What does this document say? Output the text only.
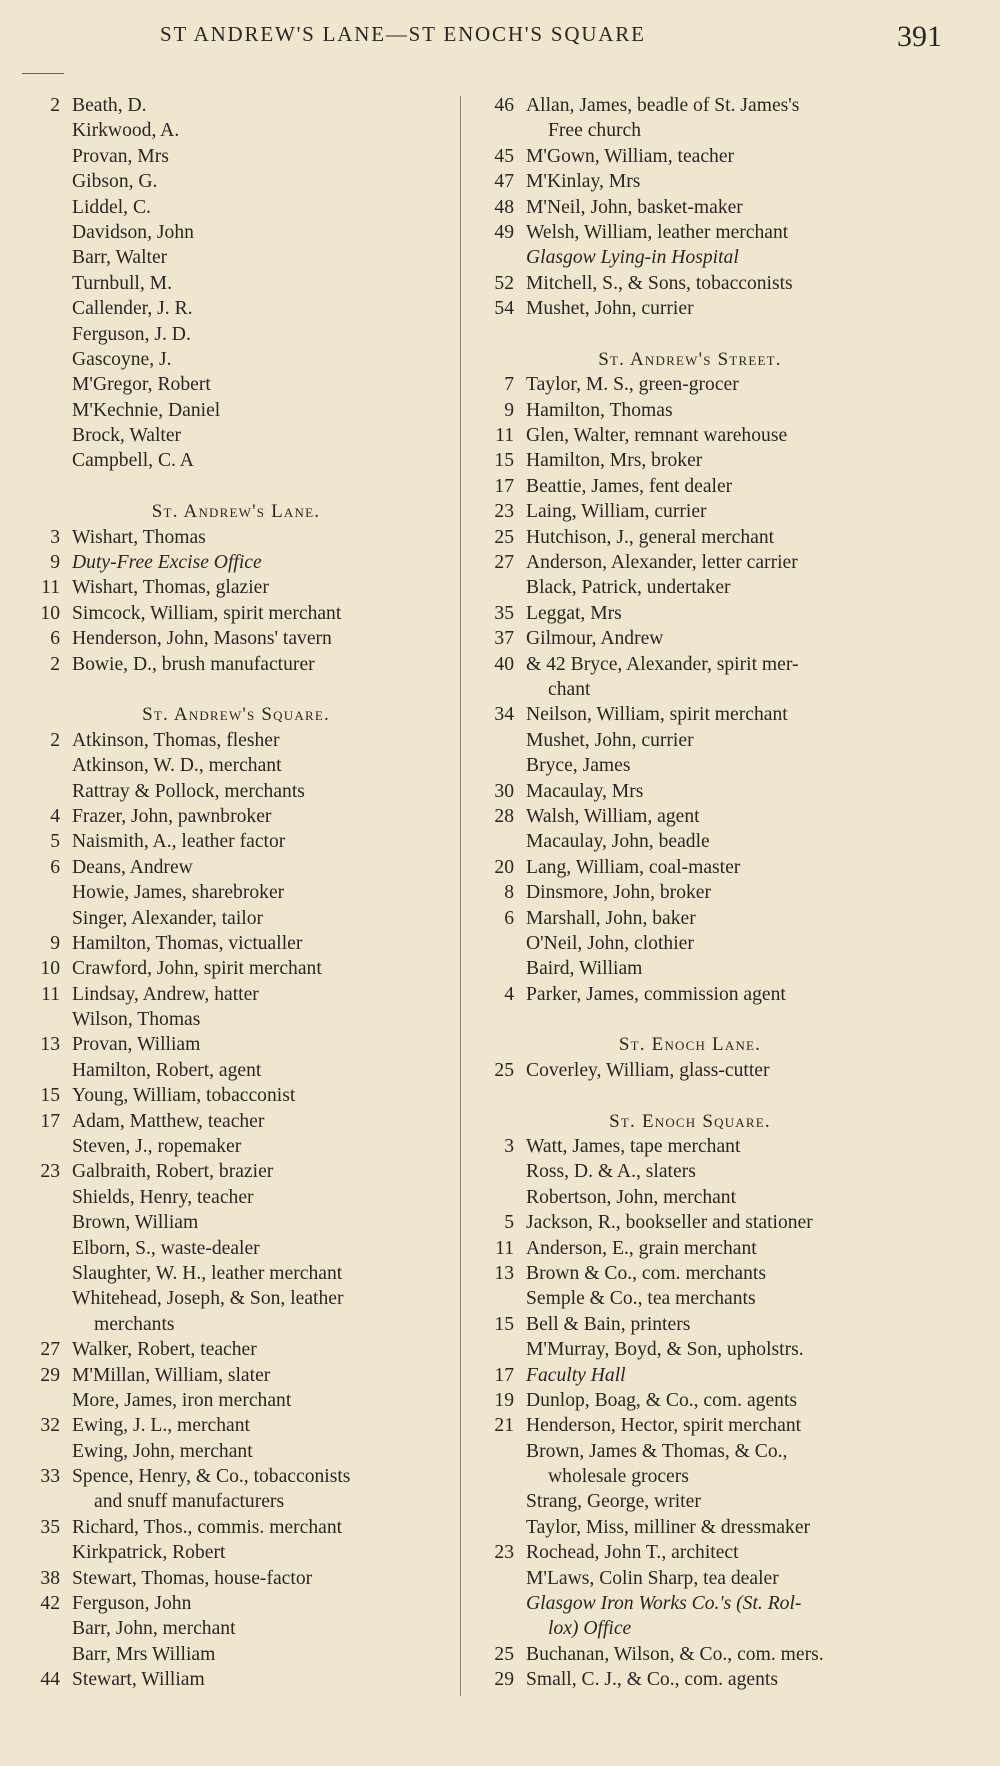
ST ANDREW'S LANE—ST ENOCH'S SQUARE	391
2 Beath, D.
Kirkwood, A.
Provan, Mrs
Gibson, G.
Liddel, C.
Davidson, John
Barr, Walter
Turnbull, M.
Callender, J. R.
Ferguson, J. D.
Gascoyne, J.
M'Gregor, Robert
M'Kechnie, Daniel
Brock, Walter
Campbell, C. A
St. Andrew's Lane.
3 Wishart, Thomas
9 Duty-Free Excise Office
11 Wishart, Thomas, glazier
10 Simcock, William, spirit merchant
6 Henderson, John, Masons' tavern
2 Bowie, D., brush manufacturer
St. Andrew's Square.
2 Atkinson, Thomas, flesher
Atkinson, W. D., merchant
Rattray & Pollock, merchants
4 Frazer, John, pawnbroker
5 Naismith, A., leather factor
6 Deans, Andrew
Howie, James, sharebroker
Singer, Alexander, tailor
9 Hamilton, Thomas, victualler
10 Crawford, John, spirit merchant
11 Lindsay, Andrew, hatter
Wilson, Thomas
13 Provan, William
Hamilton, Robert, agent
15 Young, William, tobacconist
17 Adam, Matthew, teacher
Steven, J., ropemaker
23 Galbraith, Robert, brazier
Shields, Henry, teacher
Brown, William
Elborn, S., waste-dealer
Slaughter, W. H., leather merchant
Whitehead, Joseph, & Son, leather
merchants
27 Walker, Robert, teacher
29 M'Millan, William, slater
More, James, iron merchant
32 Ewing, J. L., merchant
Ewing, John, merchant
33 Spence, Henry, & Co., tobacconists
and snuff manufacturers
35 Richard, Thos., commis. merchant
Kirkpatrick, Robert
38 Stewart, Thomas, house-factor
42 Ferguson, John
Barr, John, merchant
Barr, Mrs William
44 Stewart, William
46 Allan, James, beadle of St. James's
Free church
45 M'Gown, William, teacher
47 M'Kinlay, Mrs
48 M'Neil, John, basket-maker
49 Welsh, William, leather merchant
Glasgow Lying-in Hospital
52 Mitchell, S., & Sons, tobacconists
54 Mushet, John, currier
St. Andrew's Street.
7 Taylor, M. S., green-grocer
9 Hamilton, Thomas
11 Glen, Walter, remnant warehouse
15 Hamilton, Mrs, broker
17 Beattie, James, fent dealer
23 Laing, William, currier
25 Hutchison, J., general merchant
27 Anderson, Alexander, letter carrier
Black, Patrick, undertaker
35 Leggat, Mrs
37 Gilmour, Andrew
40 & 42 Bryce, Alexander, spirit mer-
chant
34 Neilson, William, spirit merchant
Mushet, John, currier
Bryce, James
30 Macaulay, Mrs
28 Walsh, William, agent
Macaulay, John, beadle
20 Lang, William, coal-master
8 Dinsmore, John, broker
6 Marshall, John, baker
O'Neil, John, clothier
Baird, William
4 Parker, James, commission agent
St. Enoch Lane.
25 Coverley, William, glass-cutter
St. Enoch Square.
3 Watt, James, tape merchant
Ross, D. & A., slaters
Robertson, John, merchant
5 Jackson, R., bookseller and stationer
11 Anderson, E., grain merchant
13 Brown & Co., com. merchants
Semple & Co., tea merchants
15 Bell & Bain, printers
M'Murray, Boyd, & Son, upholstrs.
17 Faculty Hall
19 Dunlop, Boag, & Co., com. agents
21 Henderson, Hector, spirit merchant
Brown, James & Thomas, & Co.,
wholesale grocers
Strang, George, writer
Taylor, Miss, milliner & dressmaker
23 Rochead, John T., architect
M'Laws, Colin Sharp, tea dealer
Glasgow Iron Works Co.'s (St. Rol-
lox) Office
25 Buchanan, Wilson, & Co., com. mers.
29 Small, C. J., & Co., com. agents
